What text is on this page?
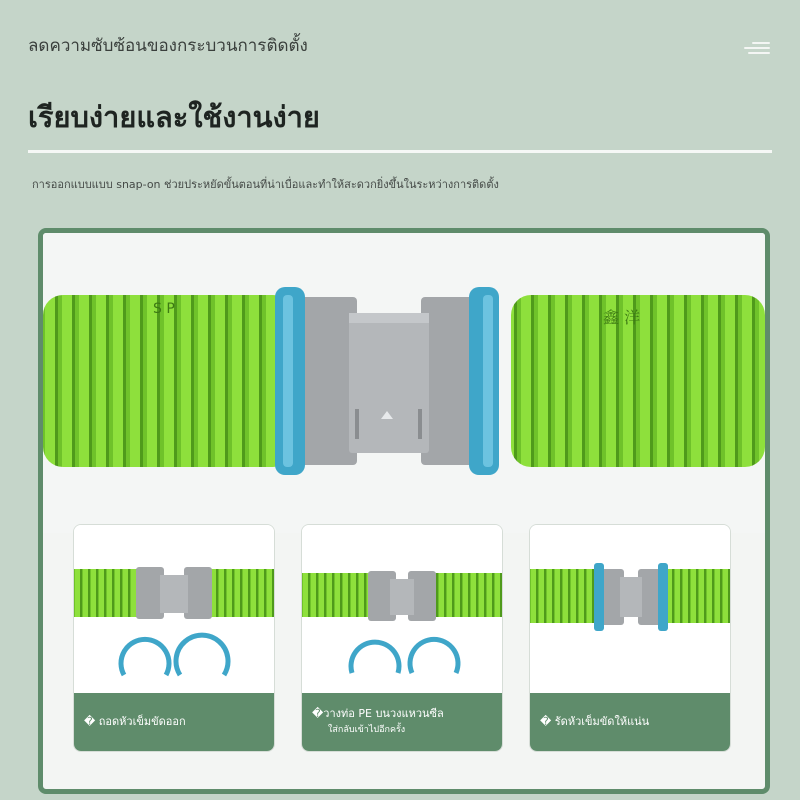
ลดความซับซ้อนของกระบวนการติดตั้ง
เรียบง่ายและใช้งานง่าย
การออกแบบแบบ snap-on ช่วยประหยัดขั้นตอนที่น่าเบื่อและทำให้สะดวกยิ่งขึ้นในระหว่างการติดตั้ง
S P	鑫 洋
� ถอดหัวเข็มขัดออก
�วางท่อ PE บนวงแหวนซีล
ใส่กลับเข้าไปอีกครั้ง
� รัดหัวเข็มขัดให้แน่น
